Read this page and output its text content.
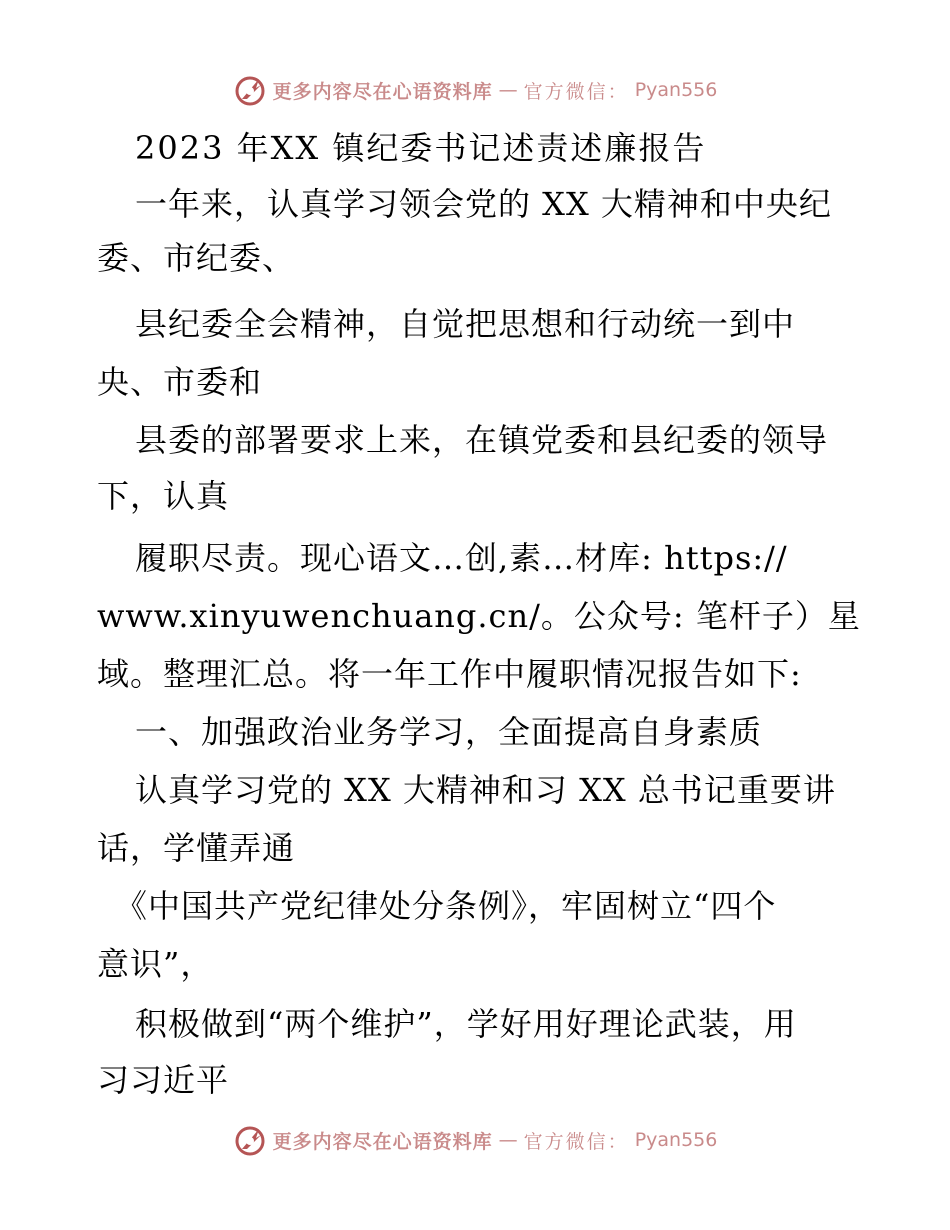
更多内容尽在心语资料库 — 官方微信： Pyan556
2023 年XX 镇纪委书记述责述廉报告
一年来，认真学习领会党的 XX 大精神和中央纪
委、市纪委、
县纪委全会精神，自觉把思想和行动统一到中
央、市委和
县委的部署要求上来，在镇党委和县纪委的领导
下，认真
履职尽责。现心语文…创,素…材库: https://
www.xinyuwenchuang.cn/。公众号: 笔杆子）星
域。整理汇总。将一年工作中履职情况报告如下:
一、加强政治业务学习，全面提高自身素质
认真学习党的 XX 大精神和习 XX 总书记重要讲
话，学懂弄通
《中国共产党纪律处分条例》，牢固树立“四个
意识”，
积极做到“两个维护”，学好用好理论武装，用
习习近平
更多内容尽在心语资料库 — 官方微信： Pyan556
